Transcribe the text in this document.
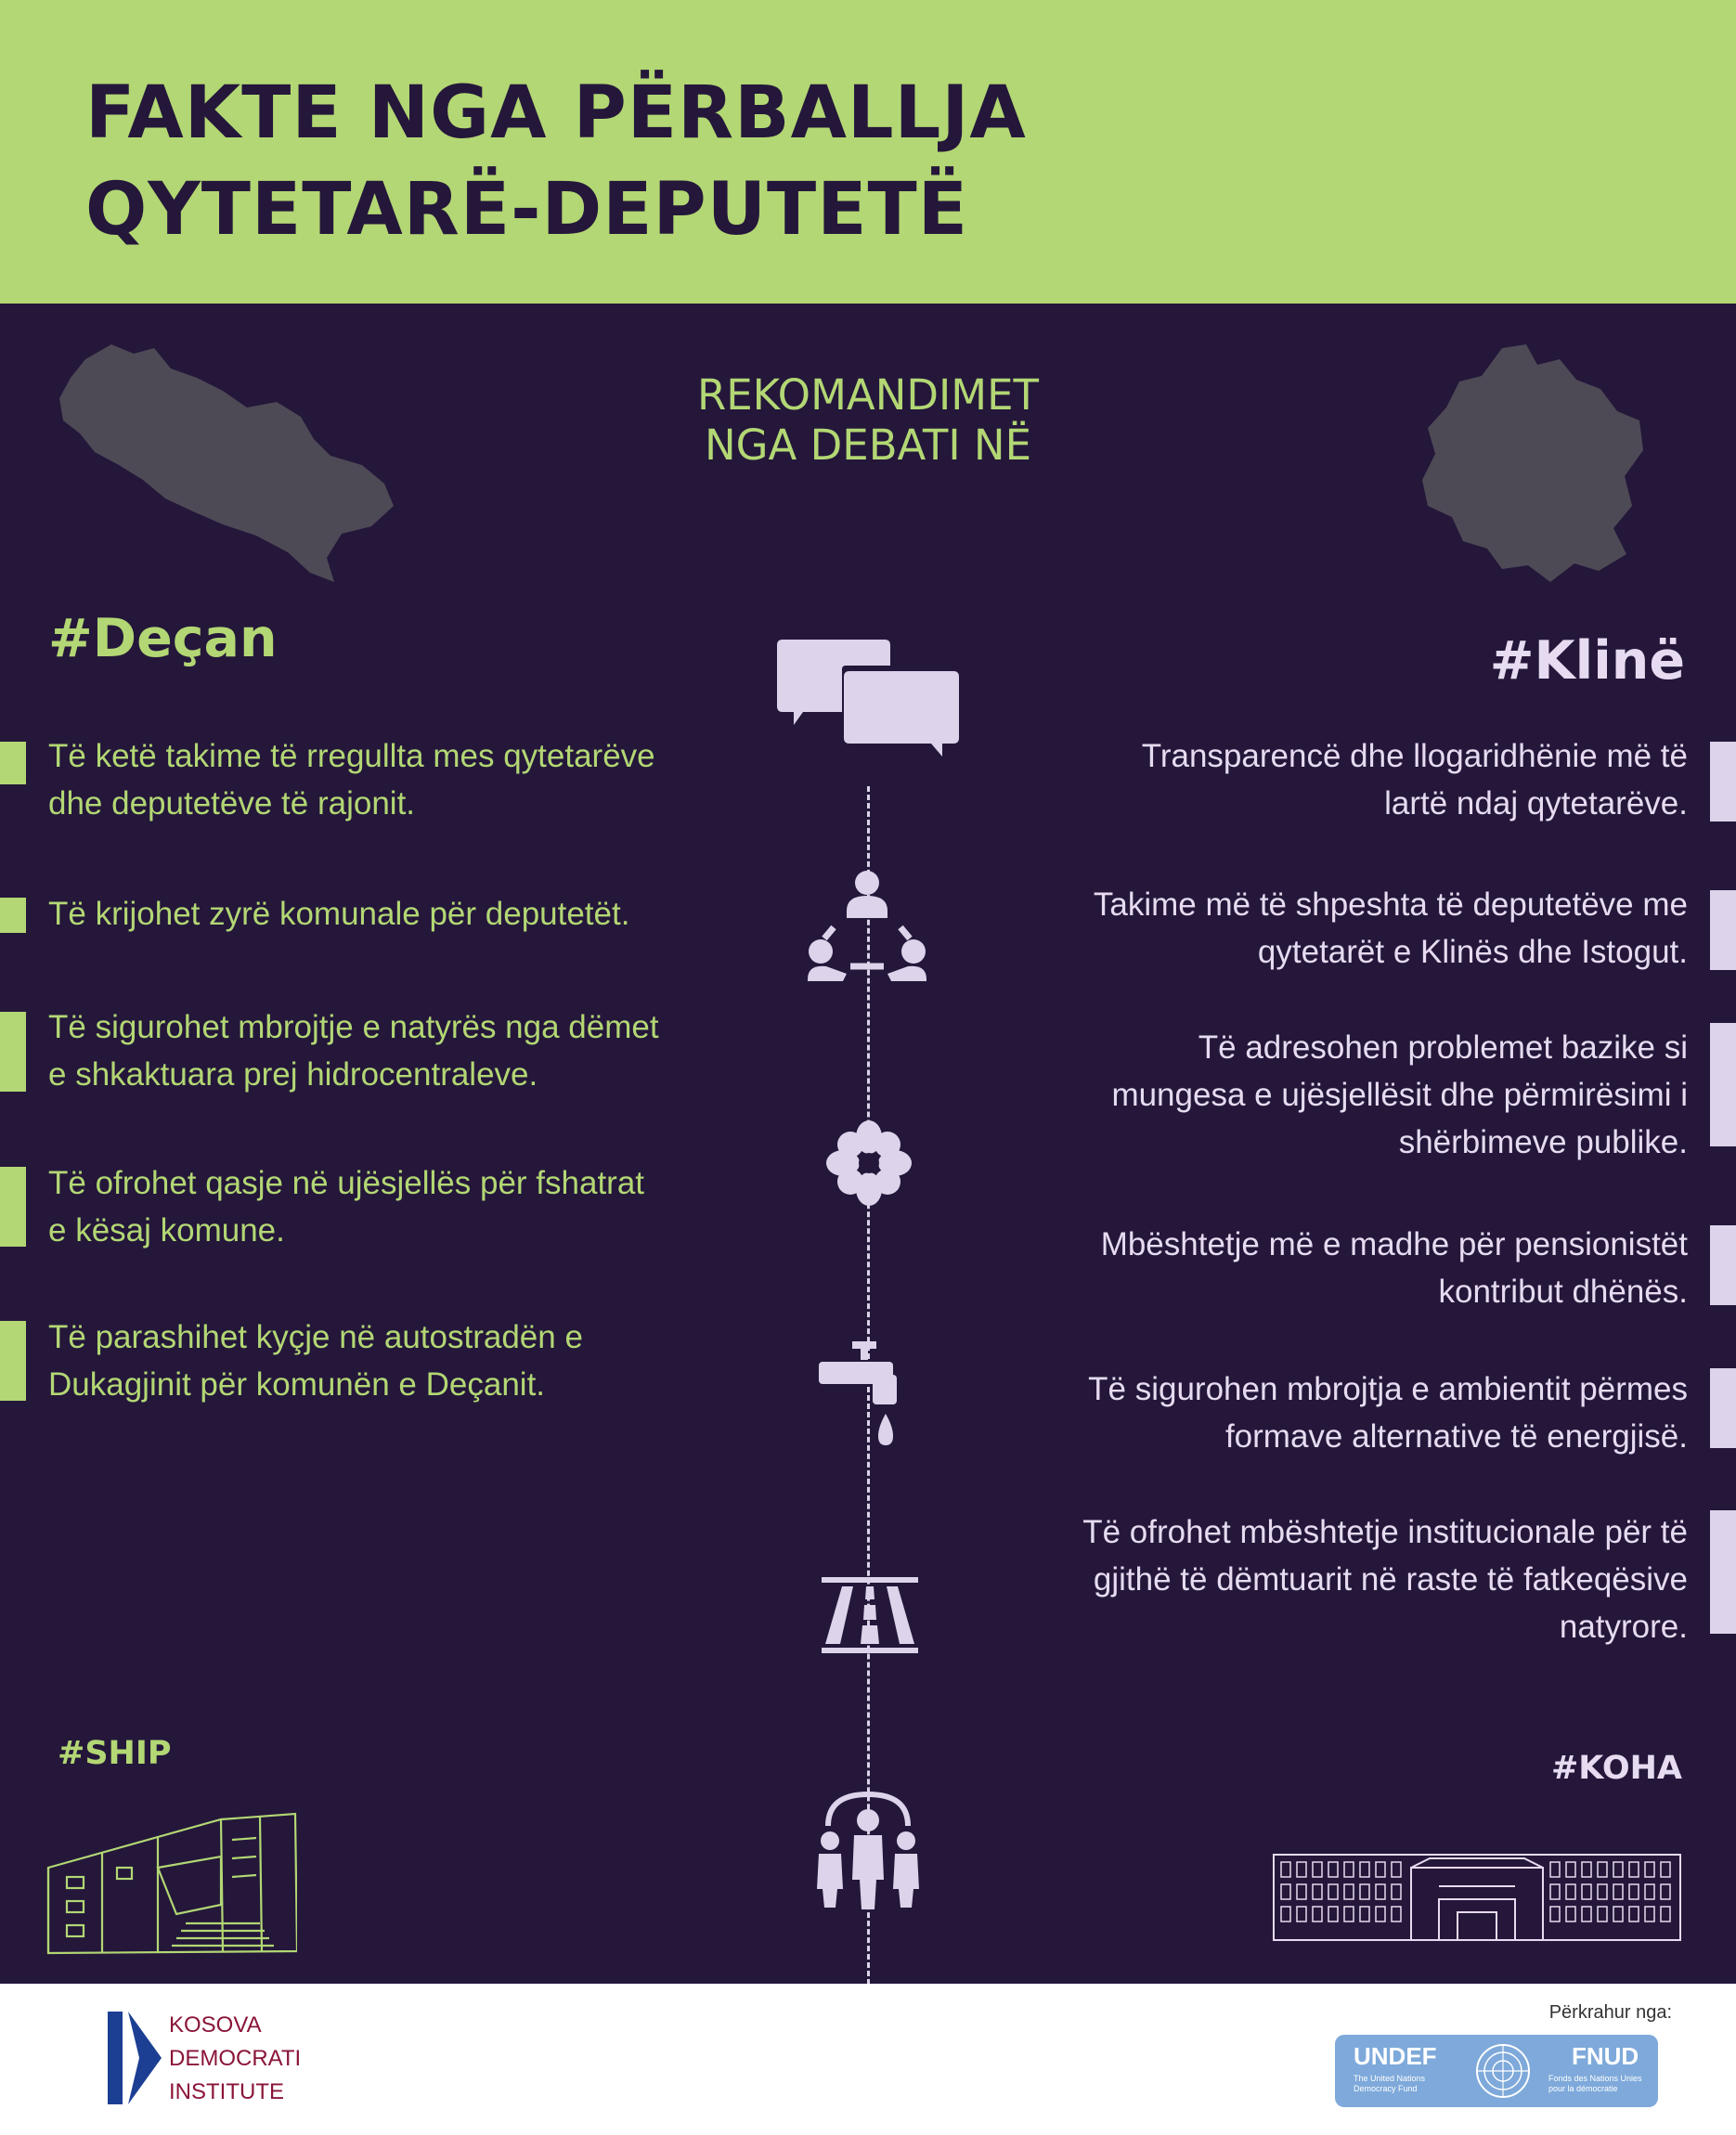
FAKTE NGA PËRBALLJA
QYTETARË-DEPUTETË
REKOMANDIMET
NGA DEBATI NË
#Deçan	#Klinë
Të ketë takime të rregullta mes qytetarëve
dhe deputetëve të rajonit.
Të krijohet zyrë komunale për deputetët.
Të sigurohet mbrojtje e natyrës nga dëmet
e shkaktuara prej hidrocentraleve.
Të ofrohet qasje në ujësjellës për fshatrat
e kësaj komune.
Të parashihet kyçje në autostradën e
Dukagjinit për komunën e Deçanit.
Transparencë dhe llogaridhënie më të
lartë ndaj qytetarëve.
Takime më të shpeshta të deputetëve me
qytetarët e Klinës dhe Istogut.
Të adresohen problemet bazike si
mungesa e ujësjellësit dhe përmirësimi i
shërbimeve publike.
Mbështetje më e madhe për pensionistët
kontribut dhënës.
Të sigurohen mbrojtja e ambientit përmes
formave alternative të energjisë.
Të ofrohet mbështetje institucionale për të
gjithë të dëmtuarit në raste të fatkeqësive
natyrore.
#SHIP	#KOHA
KOSOVA
DEMOCRATI
INSTITUTE
Përkrahur nga:
UNDEF
The United Nations Democracy Fund
FNUD
Fonds des Nations Unies pour la démocratie
